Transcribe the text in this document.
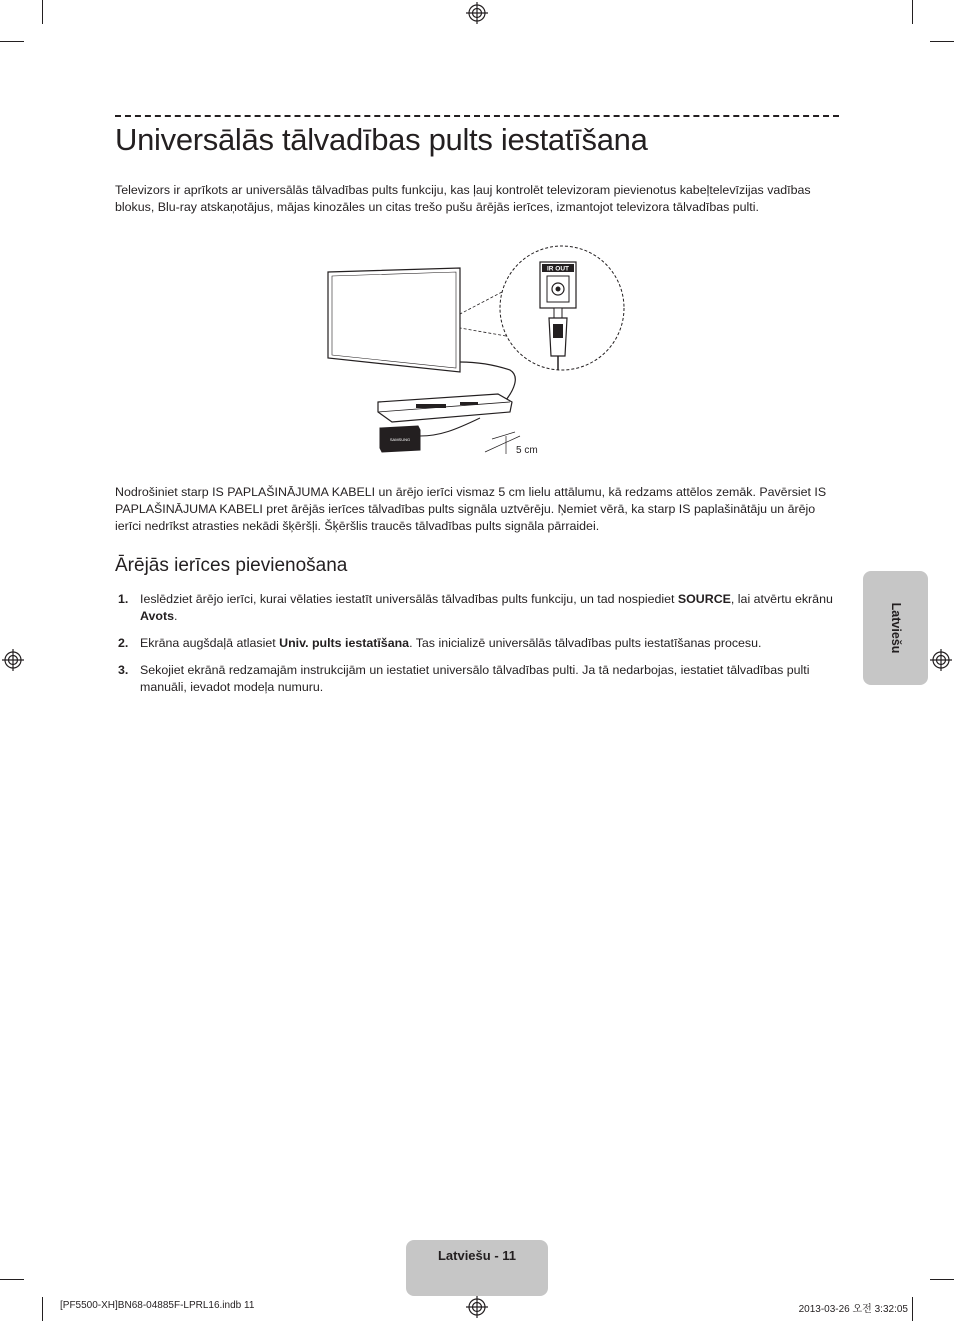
Universālās tālvadības pults iestatīšana

Televizors ir aprīkots ar universālās tālvadības pults funkciju, kas ļauj kontrolēt televizoram pievienotus kabeļtelevīzijas vadības blokus, Blu-ray atskaņotājus, mājas kinozāles un citas trešo pušu ārējās ierīces, izmantojot televizora tālvadības pulti.

IR OUT
SAMSUNG
5 cm

Nodrošiniet starp IS PAPLAŠINĀJUMA KABELI un ārējo ierīci vismaz 5 cm lielu attālumu, kā redzams attēlos zemāk. Pavērsiet IS PAPLAŠINĀJUMA KABELI pret ārējās ierīces tālvadības pults signāla uztvērēju. Ņemiet vērā, ka starp IS paplašinātāju un ārējo ierīci nedrīkst atrasties nekādi šķēršļi. Šķēršlis traucēs tālvadības pults signāla pārraidei.

Ārējās ierīces pievienošana
1. Ieslēdziet ārējo ierīci, kurai vēlaties iestatīt universālās tālvadības pults funkciju, un tad nospiediet SOURCE, lai atvērtu ekrānu Avots.
2. Ekrāna augšdaļā atlasiet Univ. pults iestatīšana. Tas inicializē universālās tālvadības pults iestatīšanas procesu.
3. Sekojiet ekrānā redzamajām instrukcijām un iestatiet universālo tālvadības pulti. Ja tā nedarbojas, iestatiet tālvadības pulti manuāli, ievadot modeļa numuru.
Latviešu
Latviešu - 11
[PF5500-XH]BN68-04885F-LPRL16.indb 11	2013-03-26 오전 3:32:05
